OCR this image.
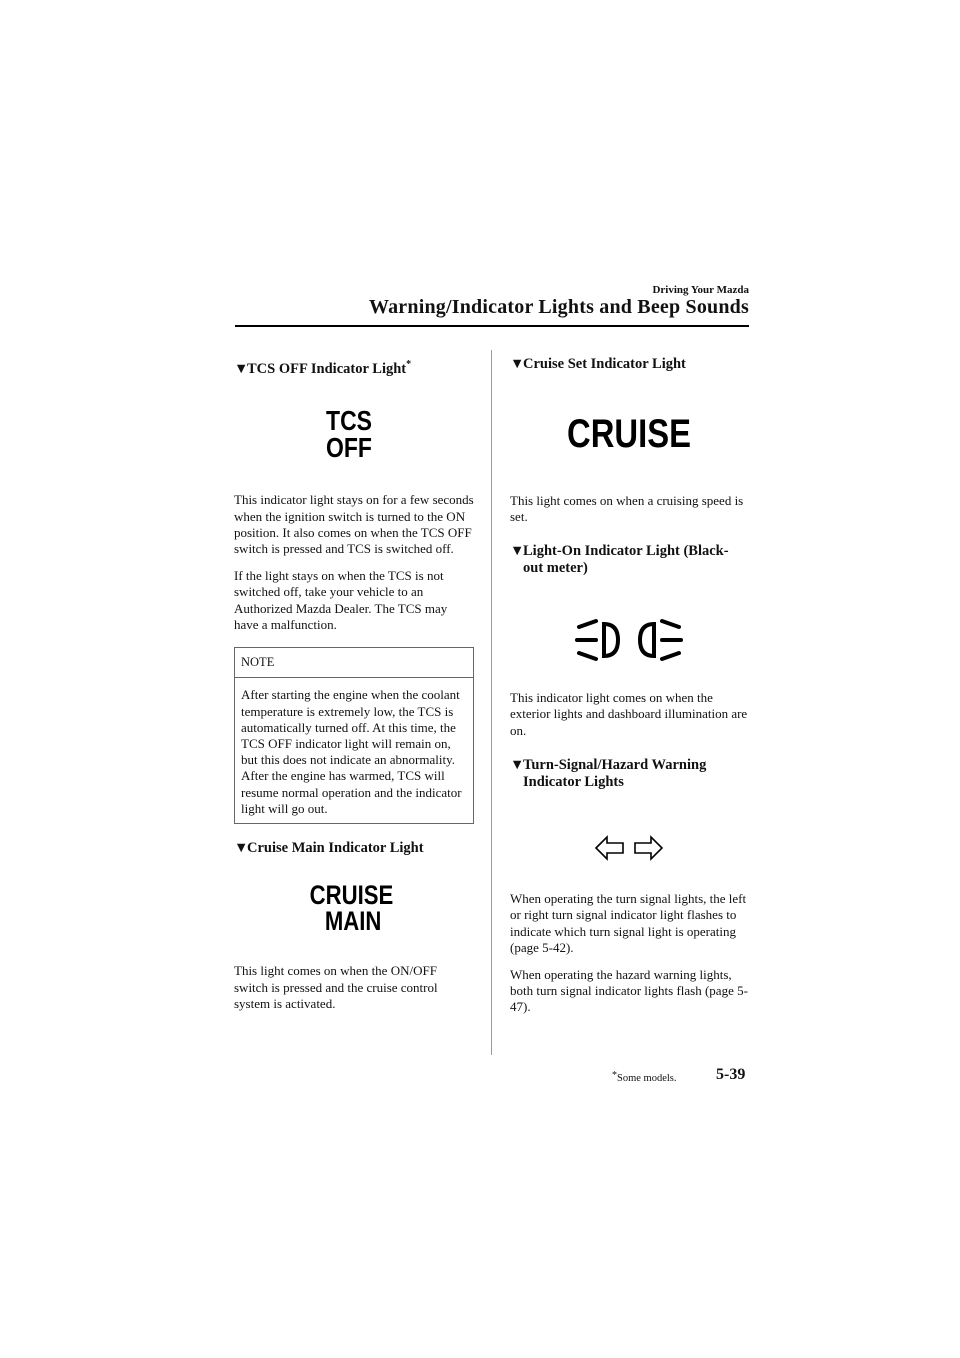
Driving Your Mazda
Warning/Indicator Lights and Beep Sounds
▼TCS OFF Indicator Light*
TCS
OFF

This indicator light stays on for a few seconds when the ignition switch is turned to the ON position. It also comes on when the TCS OFF switch is pressed and TCS is switched off.

If the light stays on when the TCS is not switched off, take your vehicle to an Authorized Mazda Dealer. The TCS may have a malfunction.

NOTE
After starting the engine when the coolant temperature is extremely low, the TCS is automatically turned off. At this time, the TCS OFF indicator light will remain on, but this does not indicate an abnormality. After the engine has warmed, TCS will resume normal operation and the indicator light will go out.
▼Cruise Main Indicator Light
CRUISE
MAIN

This light comes on when the ON/OFF switch is pressed and the cruise control system is activated.

▼Cruise Set Indicator Light
CRUISE

This light comes on when a cruising speed is set.

▼Light-On Indicator Light (Black-
out meter)

This indicator light comes on when the exterior lights and dashboard illumination are on.

▼Turn-Signal/Hazard Warning
Indicator Lights

When operating the turn signal lights, the left or right turn signal indicator light flashes to indicate which turn signal light is operating (page 5-42).

When operating the hazard warning lights, both turn signal indicator lights flash (page 5-47).

*Some models. 5-39
